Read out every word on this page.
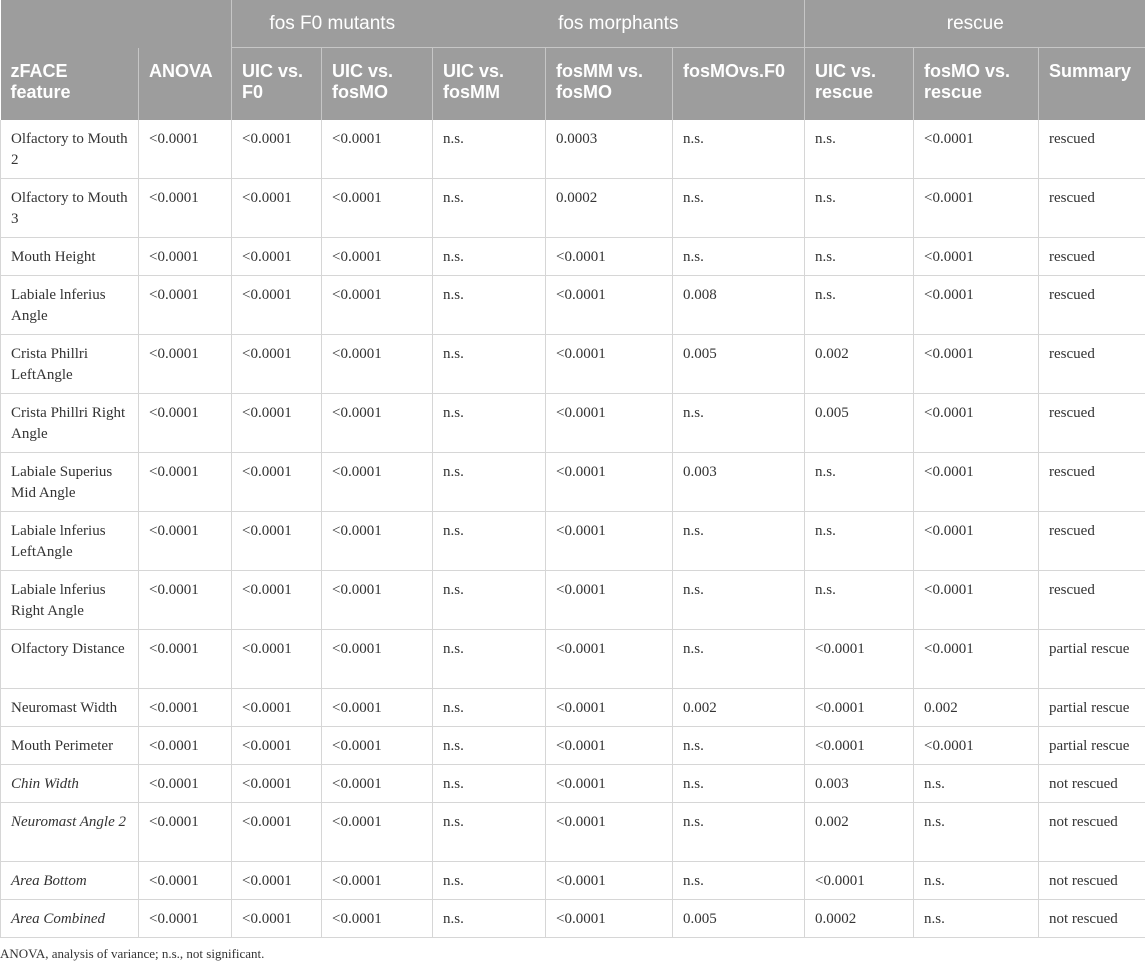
		fos F0 mutants		fos morphants			rescue		
zFACE feature	ANOVA	UIC vs. F0	UIC vs. fosMO	UIC vs. fosMM	fosMM vs. fosMO	fosMOvs.F0	UIC vs. rescue	fosMO vs. rescue	Summary
Olfactory to Mouth 2	<0.0001	<0.0001	<0.0001	n.s.	0.0003	n.s.	n.s.	<0.0001	rescued
Olfactory to Mouth 3	<0.0001	<0.0001	<0.0001	n.s.	0.0002	n.s.	n.s.	<0.0001	rescued
Mouth Height	<0.0001	<0.0001	<0.0001	n.s.	<0.0001	n.s.	n.s.	<0.0001	rescued
Labiale lnferius Angle	<0.0001	<0.0001	<0.0001	n.s.	<0.0001	0.008	n.s.	<0.0001	rescued
Crista Phillri LeftAngle	<0.0001	<0.0001	<0.0001	n.s.	<0.0001	0.005	0.002	<0.0001	rescued
Crista Phillri Right Angle	<0.0001	<0.0001	<0.0001	n.s.	<0.0001	n.s.	0.005	<0.0001	rescued
Labiale Superius Mid Angle	<0.0001	<0.0001	<0.0001	n.s.	<0.0001	0.003	n.s.	<0.0001	rescued
Labiale lnferius LeftAngle	<0.0001	<0.0001	<0.0001	n.s.	<0.0001	n.s.	n.s.	<0.0001	rescued
Labiale lnferius Right Angle	<0.0001	<0.0001	<0.0001	n.s.	<0.0001	n.s.	n.s.	<0.0001	rescued
Olfactory Distance	<0.0001	<0.0001	<0.0001	n.s.	<0.0001	n.s.	<0.0001	<0.0001	partial rescue
Neuromast Width	<0.0001	<0.0001	<0.0001	n.s.	<0.0001	0.002	<0.0001	0.002	partial rescue
Mouth Perimeter	<0.0001	<0.0001	<0.0001	n.s.	<0.0001	n.s.	<0.0001	<0.0001	partial rescue
Chin Width	<0.0001	<0.0001	<0.0001	n.s.	<0.0001	n.s.	0.003	n.s.	not rescued
Neuromast Angle 2	<0.0001	<0.0001	<0.0001	n.s.	<0.0001	n.s.	0.002	n.s.	not rescued
Area Bottom	<0.0001	<0.0001	<0.0001	n.s.	<0.0001	n.s.	<0.0001	n.s.	not rescued
Area Combined	<0.0001	<0.0001	<0.0001	n.s.	<0.0001	0.005	0.0002	n.s.	not rescued
ANOVA, analysis of variance; n.s., not significant.
